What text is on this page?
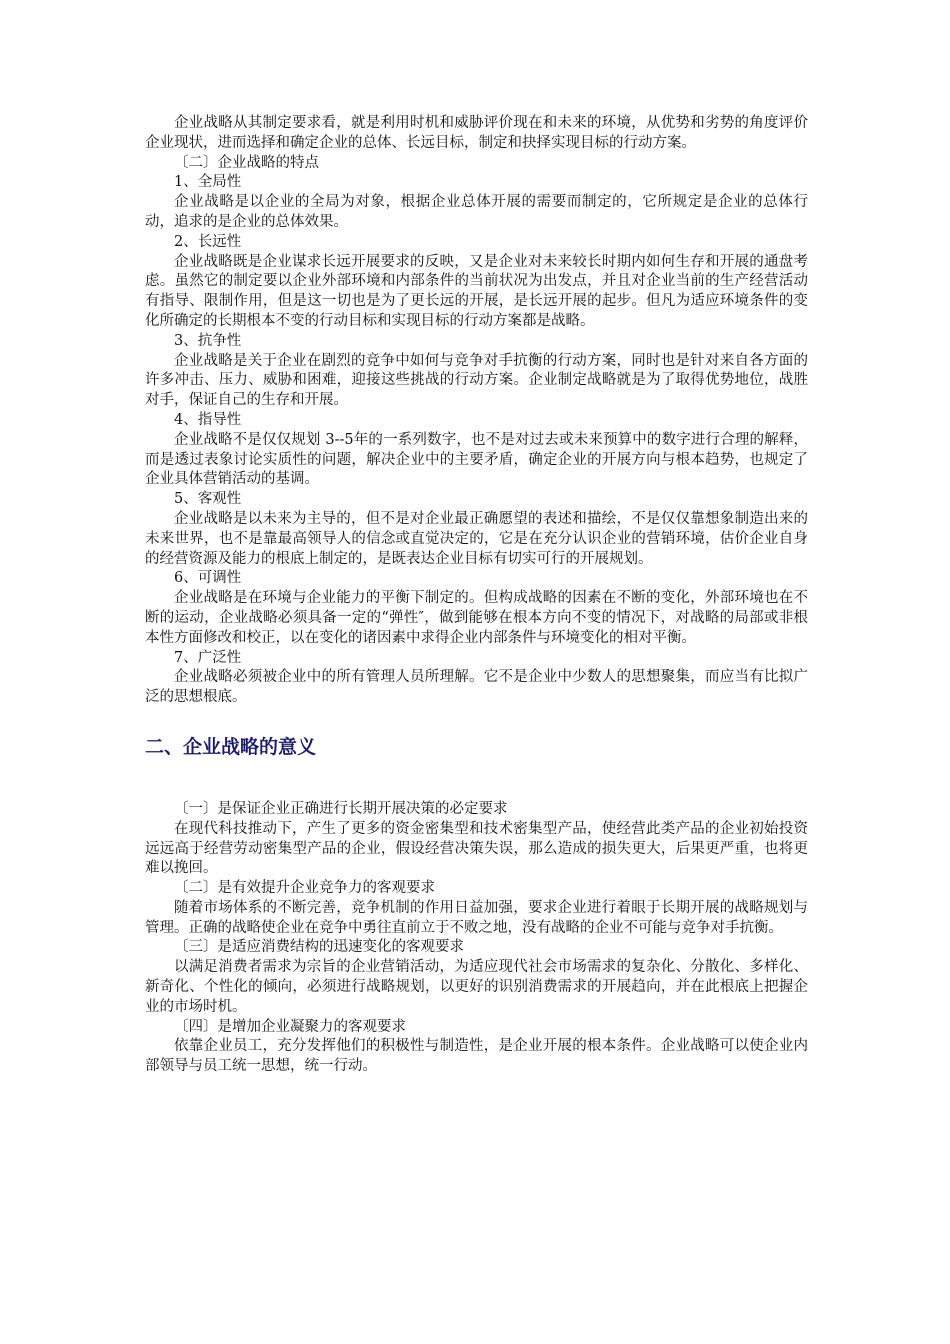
企业战略从其制定要求看，就是利用时机和威胁评价现在和未来的环境，从优势和劣势的角度评价企业现状，进而选择和确定企业的总体、长远目标，制定和抉择实现目标的行动方案。

〔二〕企业战略的特点

1、全局性

企业战略是以企业的全局为对象，根据企业总体开展的需要而制定的，它所规定是企业的总体行动，追求的是企业的总体效果。

2、长远性

企业战略既是企业谋求长远开展要求的反映，又是企业对未来较长时期内如何生存和开展的通盘考虑。虽然它的制定要以企业外部环境和内部条件的当前状况为出发点，并且对企业当前的生产经营活动有指导、限制作用，但是这一切也是为了更长远的开展，是长远开展的起步。但凡为适应环境条件的变化所确定的长期根本不变的行动目标和实现目标的行动方案都是战略。

3、抗争性

企业战略是关于企业在剧烈的竞争中如何与竞争对手抗衡的行动方案，同时也是针对来自各方面的许多冲击、压力、威胁和困难，迎接这些挑战的行动方案。企业制定战略就是为了取得优势地位，战胜对手，保证自己的生存和开展。

4、指导性

企业战略不是仅仅规划 3--5年的一系列数字，也不是对过去或未来预算中的数字进行合理的解释，而是透过表象讨论实质性的问题，解决企业中的主要矛盾，确定企业的开展方向与根本趋势，也规定了企业具体营销活动的基调。

5、客观性

企业战略是以未来为主导的，但不是对企业最正确愿望的表述和描绘，不是仅仅靠想象制造出来的未来世界，也不是靠最高领导人的信念或直觉决定的，它是在充分认识企业的营销环境，估价企业自身的经营资源及能力的根底上制定的，是既表达企业目标有切实可行的开展规划。

6、可调性

企业战略是在环境与企业能力的平衡下制定的。但构成战略的因素在不断的变化，外部环境也在不断的运动，企业战略必须具备一定的“弹性″，做到能够在根本方向不变的情况下，对战略的局部或非根本性方面修改和校正，以在变化的诸因素中求得企业内部条件与环境变化的相对平衡。

7、广泛性

企业战略必须被企业中的所有管理人员所理解。它不是企业中少数人的思想聚集，而应当有比拟广泛的思想根底。

二、企业战略的意义

〔一〕是保证企业正确进行长期开展决策的必定要求

在现代科技推动下，产生了更多的资金密集型和技术密集型产品，使经营此类产品的企业初始投资远远高于经营劳动密集型产品的企业，假设经营决策失误，那么造成的损失更大，后果更严重，也将更难以挽回。

〔二〕是有效提升企业竞争力的客观要求

随着市场体系的不断完善，竞争机制的作用日益加强，要求企业进行着眼于长期开展的战略规划与管理。正确的战略使企业在竞争中勇往直前立于不败之地，没有战略的企业不可能与竞争对手抗衡。

〔三〕是适应消费结构的迅速变化的客观要求

以满足消费者需求为宗旨的企业营销活动，为适应现代社会市场需求的复杂化、分散化、多样化、新奇化、个性化的倾向，必须进行战略规划，以更好的识别消费需求的开展趋向，并在此根底上把握企业的市场时机。

〔四〕是增加企业凝聚力的客观要求

依靠企业员工，充分发挥他们的积极性与制造性，是企业开展的根本条件。企业战略可以使企业内部领导与员工统一思想，统一行动。
